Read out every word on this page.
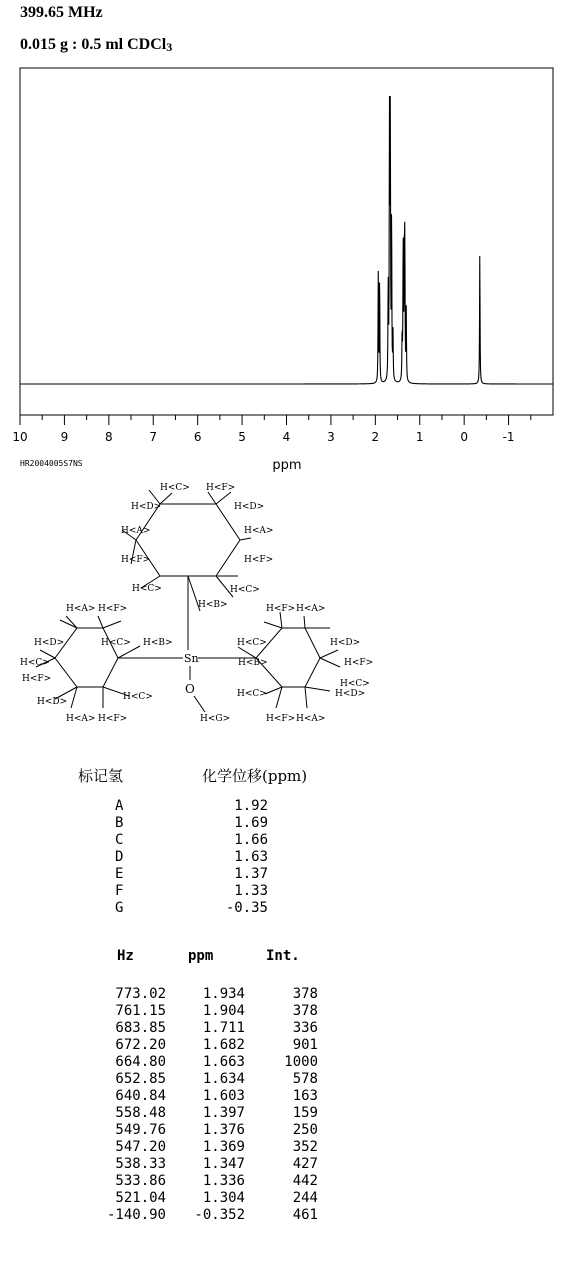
399.65 MHz
0.015 g : 0.5 ml CDCl$_3$
10	9	8	7	6	5	4	3	2	1	0	-1
ppm
HR2004005S7NS
H<C> H<F>
H<D>	H<D>
H<A>	H<A>
H<F>	H<F>
H<C>	H<C>
H<B>
H<A> H<F>
H<D>
H<C>
H<C> H<B>
H<F>
H<D>
H<A> H<F>
H<C>
H<F> H<A>
H<C>	H<D>
H<F>
H<B>
H<C>
H<C>
H<D>
H<F> H<A>
Sn
O
H<G>
标记氢	化学位移(ppm)
A	1.92
B	1.69
C	1.66
D	1.63
E	1.37
F	1.33
G	-0.35
Hz	ppm	Int.
773.02	1.934	378
761.15	1.904	378
683.85	1.711	336
672.20	1.682	901
664.80	1.663	1000
652.85	1.634	578
640.84	1.603	163
558.48	1.397	159
549.76	1.376	250
547.20	1.369	352
538.33	1.347	427
533.86	1.336	442
521.04	1.304	244
-140.90 -0.352	461
